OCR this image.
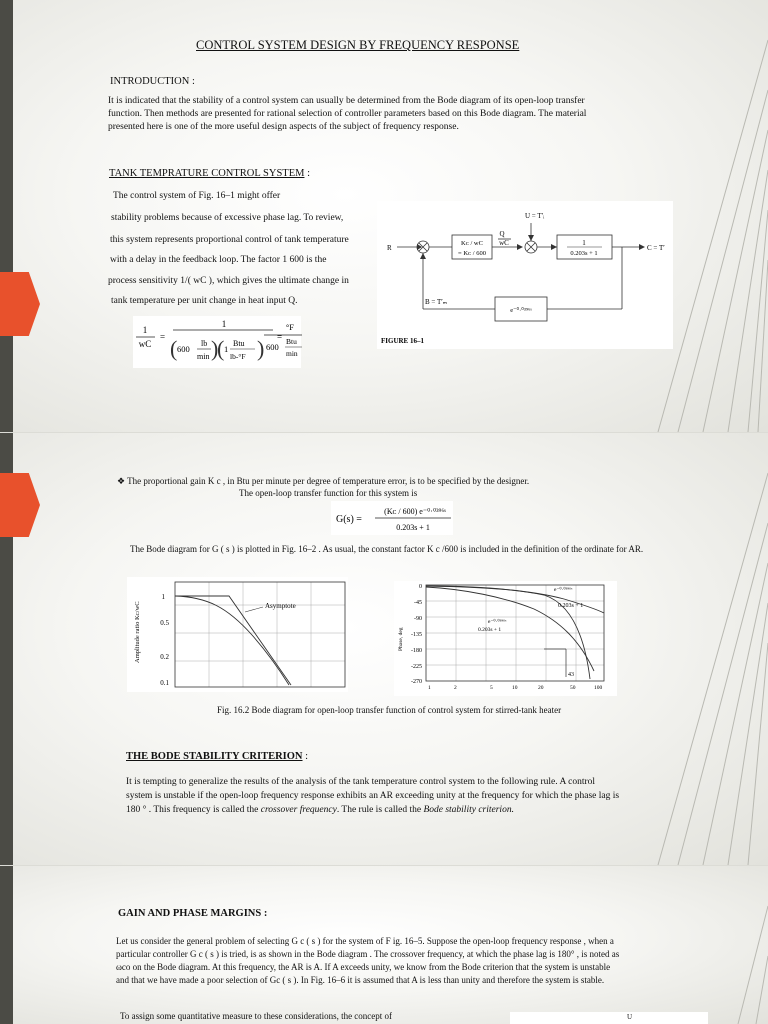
CONTROL SYSTEM DESIGN BY FREQUENCY RESPONSE
INTRODUCTION :
It is indicated that the stability of a control system can usually be determined from the Bode diagram of its open-loop transfer
function. Then methods are presented for rational selection of controller parameters based on this Bode diagram. The material
presented here is one of the more useful design aspects of the subject of frequency response.
TANK TEMPRATURE CONTROL SYSTEM :
The control system of Fig. 16–1 might offer
stability problems because of excessive phase lag. To review,
this system represents proportional control of tank temperature
with a delay in the feedback loop. The factor 1 600 is the
process sensitivity 1/( wC ), which gives the ultimate change in
tank temperature per unit change in heat input Q.
1
wC
=
1
( 600
lb
min )
( 1
Btu
lb-°F ) =
°F
600
Btu
min
U = T′ᵢ
Q
wC
R	C = T′
Kᴄ / wC
= Kᴄ / 600
1
0.203s + 1
e⁻⁰·⁰³⁹⁶ˢ
B = T′ₘ
FIGURE 16–1
❖ The proportional gain K c , in Btu per minute per degree of temperature error, is to be specified by the designer.
The open-loop transfer function for this system is
G(s) =
(Kᴄ / 600) e⁻⁰·⁰³⁹⁶ˢ
0.203s + 1
The Bode diagram for G ( s ) is plotted in Fig. 16–2 . As usual, the constant factor K c /600 is included in the definition of the ordinate for AR.
Asymptote
1
0.5
0.2
0.1
Amplitude ratio Kᴄ/wC	0.203s + 1
e⁻⁰·⁰³⁹⁶ˢ
0.203s + 1
e⁻⁰·⁰³⁹⁶ˢ
43
0
-45
-90
-135
-180
-225
-270
1	2	5	10	20	50	100
Phase, deg
Fig. 16.2 Bode diagram for open-loop transfer function of control system for stirred-tank heater
THE BODE STABILITY CRITERION :
It is tempting to generalize the results of the analysis of the tank temperature control system to the following rule. A control
system is unstable if the open-loop frequency response exhibits an AR exceeding unity at the frequency for which the phase lag is
180 ° . This frequency is called the crossover frequency. The rule is called the Bode stability criterion.
GAIN AND PHASE MARGINS :
Let us consider the general problem of selecting G c ( s ) for the system of F ig. 16–5. Suppose the open-loop frequency response , when a
particular controller G c ( s ) is tried, is as shown in the Bode diagram . The crossover frequency, at which the phase lag is 180° , is noted as
ωco on the Bode diagram. At this frequency, the AR is A. If A exceeds unity, we know from the Bode criterion that the system is unstable
and that we have made a poor selection of Gc ( s ). In Fig. 16–6 it is assumed that A is less than unity and therefore the system is stable.
To assign some quantitative measure to these considerations, the concept of	U
